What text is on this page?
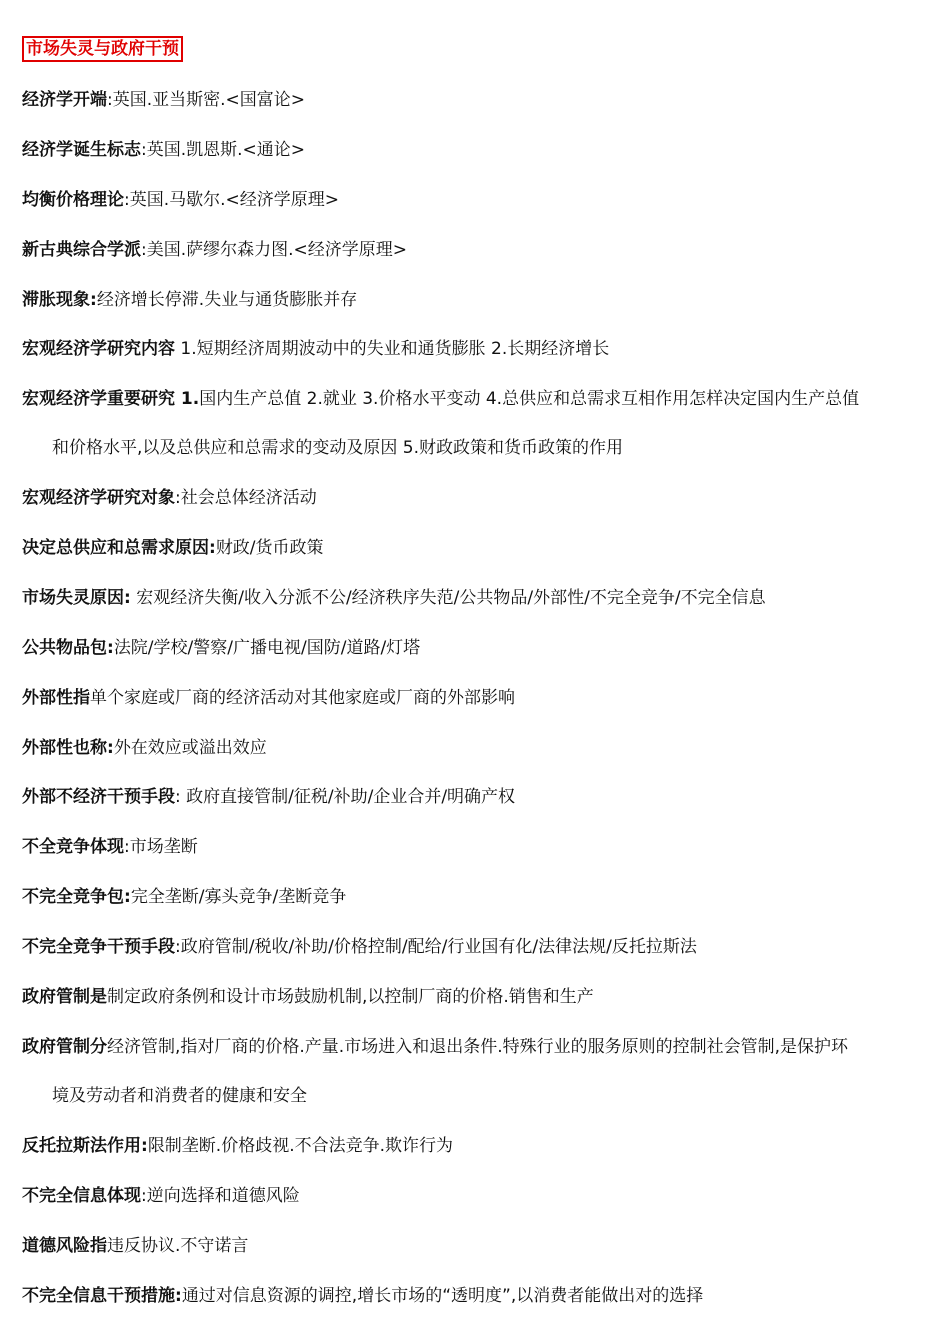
市场失灵与政府干预
经济学开端:英国.亚当斯密.<国富论>
经济学诞生标志:英国.凯恩斯.<通论>
均衡价格理论:英国.马歇尔.<经济学原理>
新古典综合学派:美国.萨缪尔森力图.<经济学原理>
滞胀现象:经济增长停滞.失业与通货膨胀并存
宏观经济学研究内容 1.短期经济周期波动中的失业和通货膨胀 2.长期经济增长
宏观经济学重要研究 1.国内生产总值 2.就业 3.价格水平变动 4.总供应和总需求互相作用怎样决定国内生产总值
和价格水平,以及总供应和总需求的变动及原因 5.财政政策和货币政策的作用
宏观经济学研究对象:社会总体经济活动
决定总供应和总需求原因:财政/货币政策
市场失灵原因: 宏观经济失衡/收入分派不公/经济秩序失范/公共物品/外部性/不完全竞争/不完全信息
公共物品包:法院/学校/警察/广播电视/国防/道路/灯塔
外部性指单个家庭或厂商的经济活动对其他家庭或厂商的外部影响
外部性也称:外在效应或溢出效应
外部不经济干预手段: 政府直接管制/征税/补助/企业合并/明确产权
不全竞争体现:市场垄断
不完全竞争包:完全垄断/寡头竞争/垄断竞争
不完全竞争干预手段:政府管制/税收/补助/价格控制/配给/行业国有化/法律法规/反托拉斯法
政府管制是制定政府条例和设计市场鼓励机制,以控制厂商的价格.销售和生产
政府管制分经济管制,指对厂商的价格.产量.市场进入和退出条件.特殊行业的服务原则的控制社会管制,是保护环
境及劳动者和消费者的健康和安全
反托拉斯法作用:限制垄断.价格歧视.不合法竞争.欺诈行为
不完全信息体现:逆向选择和道德风险
道德风险指违反协议.不守诺言
不完全信息干预措施:通过对信息资源的调控,增长市场的“透明度”,以消费者能做出对的选择
